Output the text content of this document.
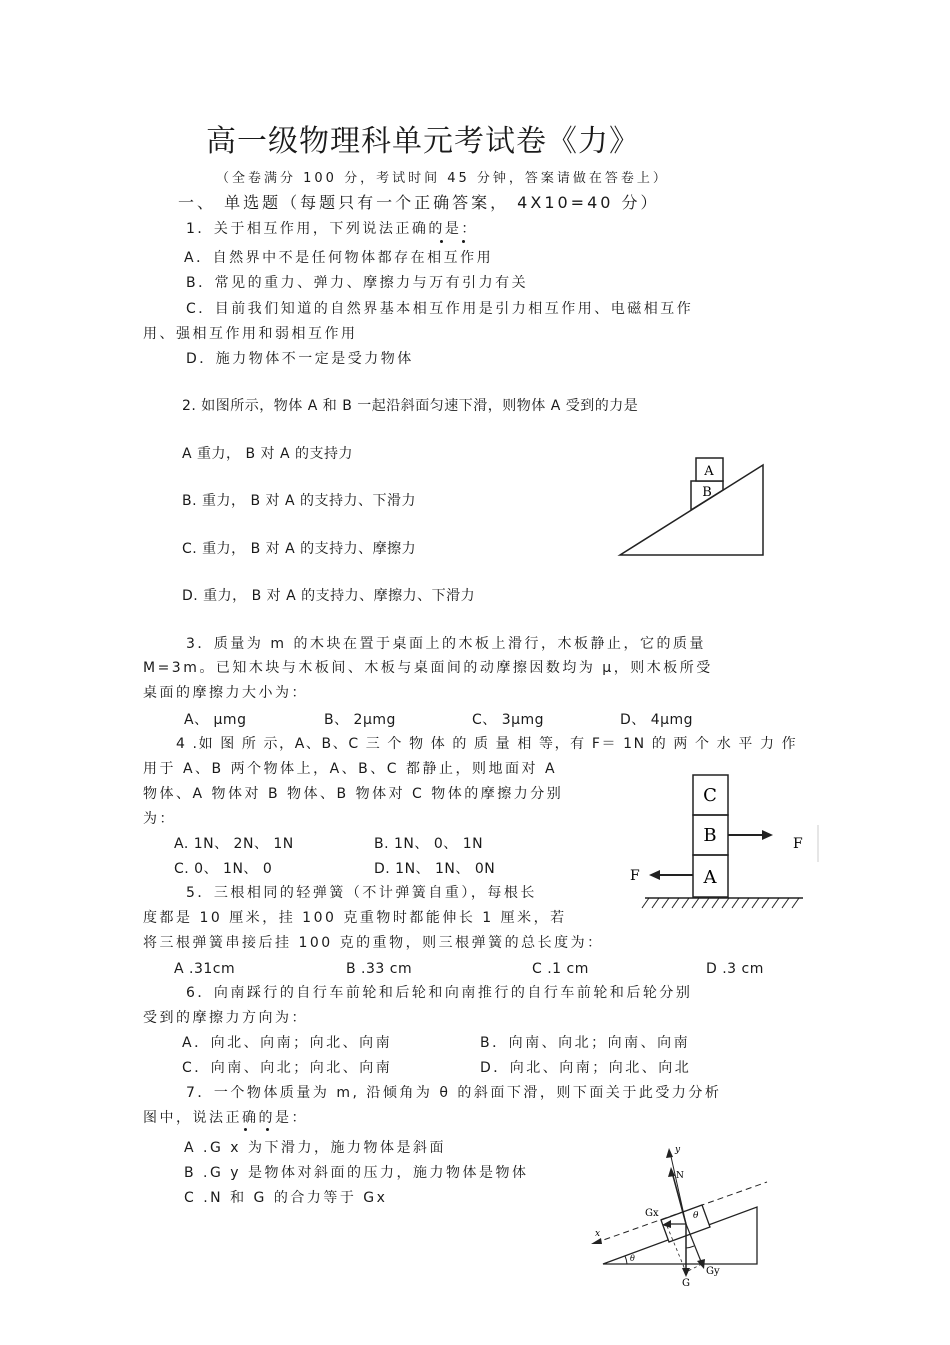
高一级物理科单元考试卷《力》
（全卷满分 100 分，考试时间 45 分钟，答案请做在答卷上）
一、 单选题（每题只有一个正确答案， 4X10=40 分）
1．关于相互作用，下列说法正确的是：
A．自然界中不是任何物体都存在相互作用
B．常见的重力、弹力、摩擦力与万有引力有关
C．目前我们知道的自然界基本相互作用是引力相互作用、电磁相互作
用、强相互作用和弱相互作用
D．施力物体不一定是受力物体
2. 如图所示，物体 A 和 B 一起沿斜面匀速下滑，则物体 A 受到的力是
A 重力， B 对 A 的支持力
B. 重力， B 对 A 的支持力、下滑力
C. 重力， B 对 A 的支持力、摩擦力
D. 重力， B 对 A 的支持力、摩擦力、下滑力
A
B
3．质量为 m 的木块在置于桌面上的木板上滑行，木板静止，它的质量
M=3m。已知木块与木板间、木板与桌面间的动摩擦因数均为 μ，则木板所受
桌面的摩擦力大小为：
A、 μmg	B、 2μmg	C、 3μmg	D、 4μmg
4 .如 图 所 示，A、B、C 三 个 物 体 的 质 量 相 等，有 F＝ 1N 的 两 个 水 平 力 作
用于 A、B 两个物体上，A、B、C 都静止，则地面对 A
物体、A 物体对 B 物体、B 物体对 C 物体的摩擦力分别
为：
A. 1N、 2N、 1N	B. 1N、 0、 1N
C. 0、 1N、 0	D. 1N、 1N、 0N
C
B
A
F
F
5．三根相同的轻弹簧（不计弹簧自重），每根长
度都是 10 厘米，挂 100 克重物时都能伸长 1 厘米，若
将三根弹簧串接后挂 100 克的重物，则三根弹簧的总长度为：
A .31cm	B .33 cm	C .1 cm	D .3 cm
6．向南踩行的自行车前轮和后轮和向南推行的自行车前轮和后轮分别
受到的摩擦力方向为：
A．向北、向南；向北、向南	B．向南、向北；向南、向南
C．向南、向北；向北、向南	D．向北、向南；向北、向北
7．一个物体质量为 m, 沿倾角为 θ 的斜面下滑，则下面关于此受力分析
图中，说法正确的是：
A .G x 为下滑力，施力物体是斜面
B .G y 是物体对斜面的压力，施力物体是物体
C .N 和 G 的合力等于 Gx
x
y
N
G
Gx
Gy
θ
θ
